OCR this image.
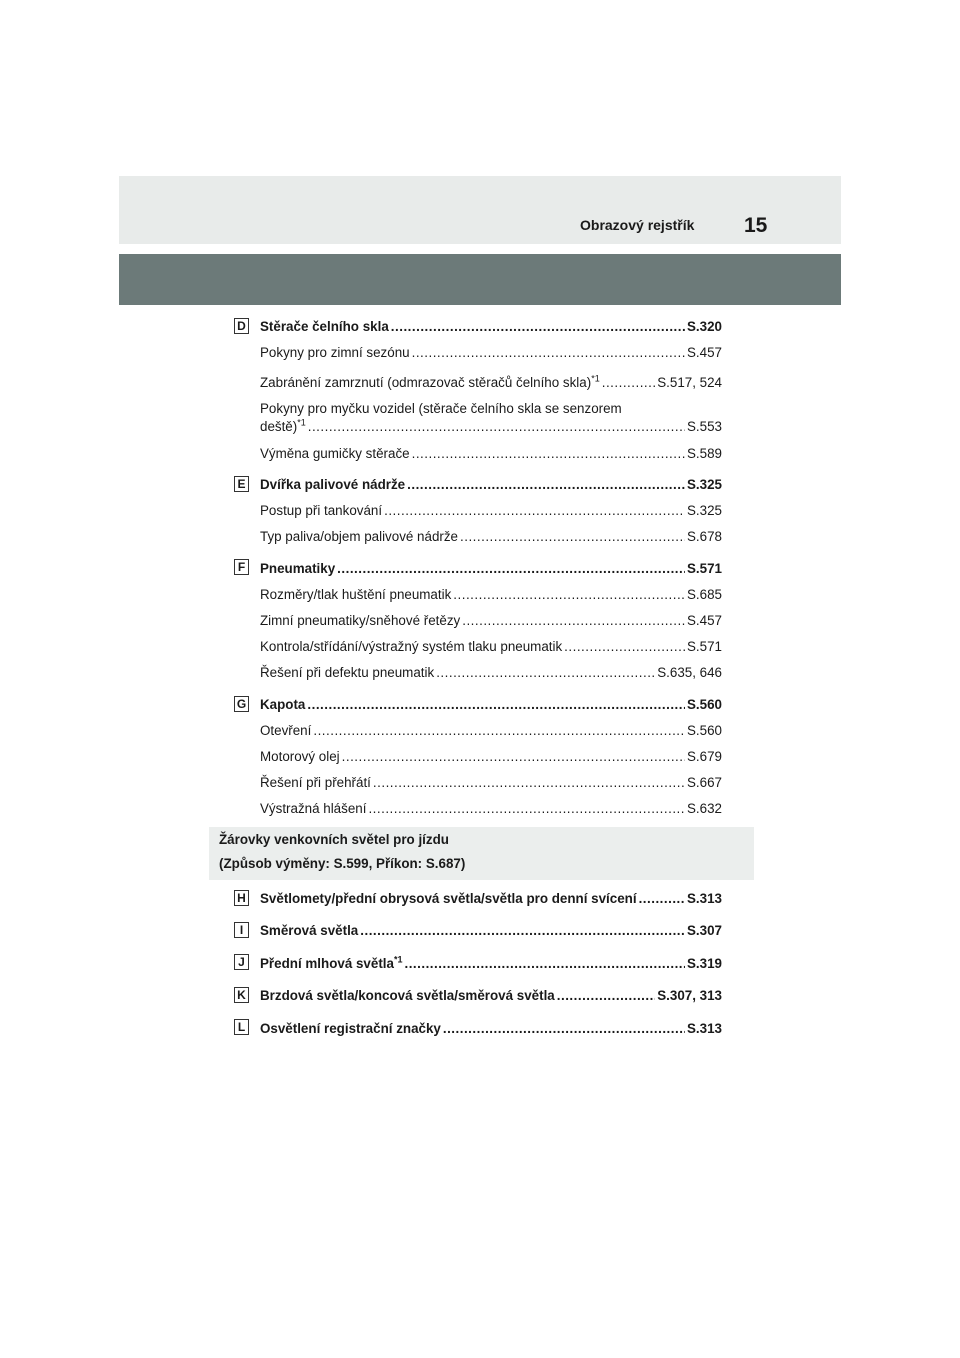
Obrazový rejstřík 15
D Stěrače čelního skla .....	S.320
Pokyny pro zimní sezónu .....	S.457
Zabránění zamrznutí (odmrazovač stěračů čelního skla)$^{*1}$ .....	S.517, 524
Pokyny pro myčku vozidel (stěrače čelního skla se senzorem
deště)$^{*1}$ .....	S.553
Výměna gumičky stěrače .....	S.589
E Dvířka palivové nádrže .....	S.325
Postup při tankování .....	S.325
Typ paliva/objem palivové nádrže .....	S.678
F Pneumatiky .....	S.571
Rozměry/tlak huštění pneumatik .....	S.685
Zimní pneumatiky/sněhové řetězy .....	S.457
Kontrola/střídání/výstražný systém tlaku pneumatik .....	S.571
Řešení při defektu pneumatik .....	S.635, 646
G Kapota .....	S.560
Otevření .....	S.560
Motorový olej .....	S.679
Řešení při přehřátí .....	S.667
Výstražná hlášení .....	S.632
Žárovky venkovních světel pro jízdu
(Způsob výměny: S.599, Příkon: S.687)
H Světlomety/přední obrysová světla/světla pro denní svícení .....	S.313
I	Směrová světla .....	S.307
J	Přední mlhová světla$^{*1}$ .....	S.319
K Brzdová světla/koncová světla/směrová světla .....	S.307, 313
L Osvětlení registrační značky .....	S.313
